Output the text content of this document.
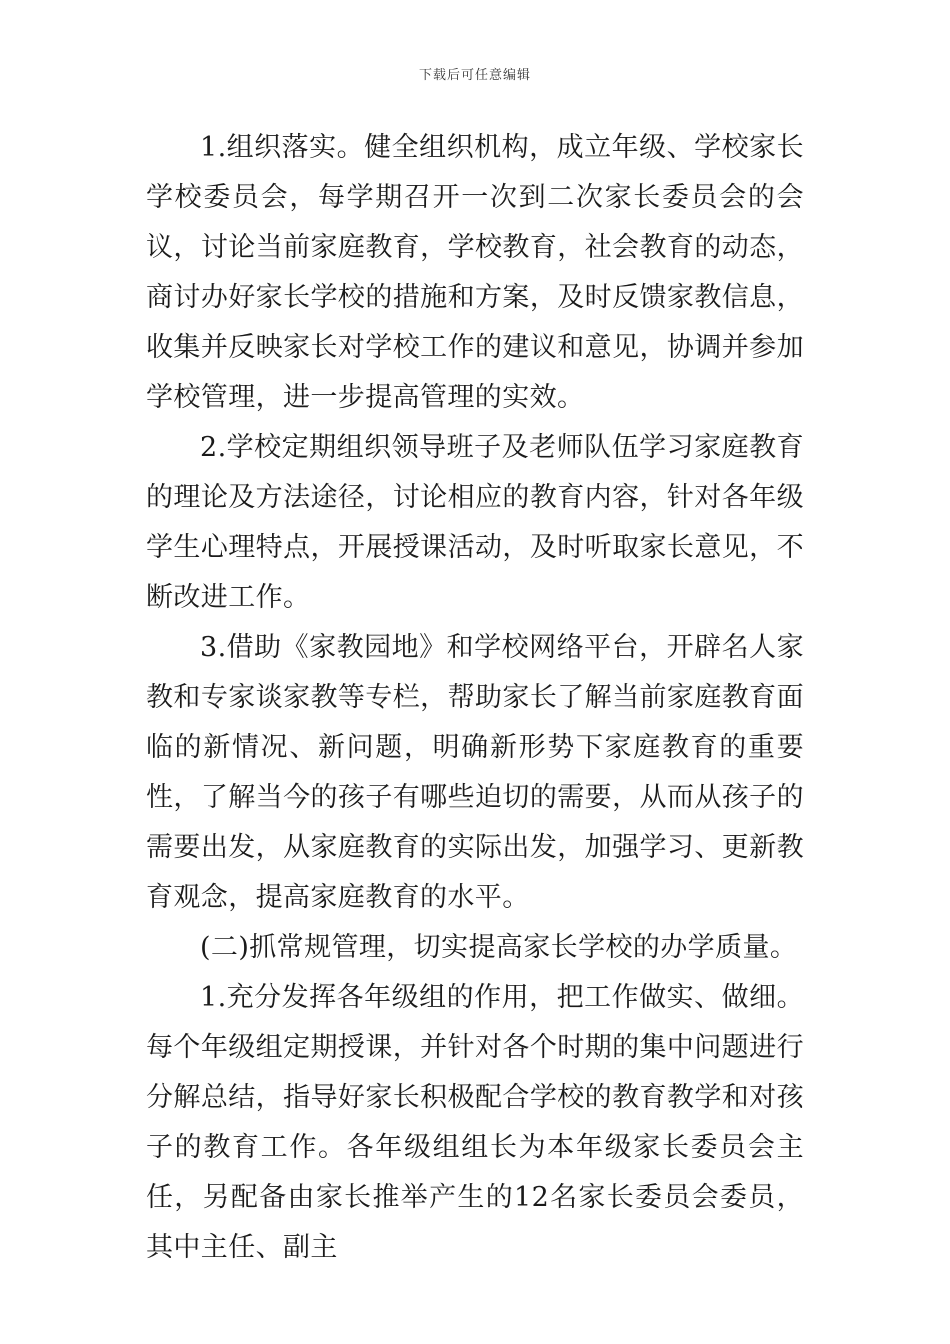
下载后可任意编辑

1.组织落实。健全组织机构，成立年级、学校家长学校委员会，每学期召开一次到二次家长委员会的会议，讨论当前家庭教育，学校教育，社会教育的动态，商讨办好家长学校的措施和方案，及时反馈家教信息，收集并反映家长对学校工作的建议和意见，协调并参加学校管理，进一步提高管理的实效。

2.学校定期组织领导班子及老师队伍学习家庭教育的理论及方法途径，讨论相应的教育内容，针对各年级学生心理特点，开展授课活动，及时听取家长意见，不断改进工作。

3.借助《家教园地》和学校网络平台，开辟名人家教和专家谈家教等专栏，帮助家长了解当前家庭教育面临的新情况、新问题，明确新形势下家庭教育的重要性，了解当今的孩子有哪些迫切的需要，从而从孩子的需要出发，从家庭教育的实际出发，加强学习、更新教育观念，提高家庭教育的水平。

(二)抓常规管理，切实提高家长学校的办学质量。

1.充分发挥各年级组的作用，把工作做实、做细。每个年级组定期授课，并针对各个时期的集中问题进行分解总结，指导好家长积极配合学校的教育教学和对孩子的教育工作。各年级组组长为本年级家长委员会主任，另配备由家长推举产生的12名家长委员会委员，其中主任、副主
